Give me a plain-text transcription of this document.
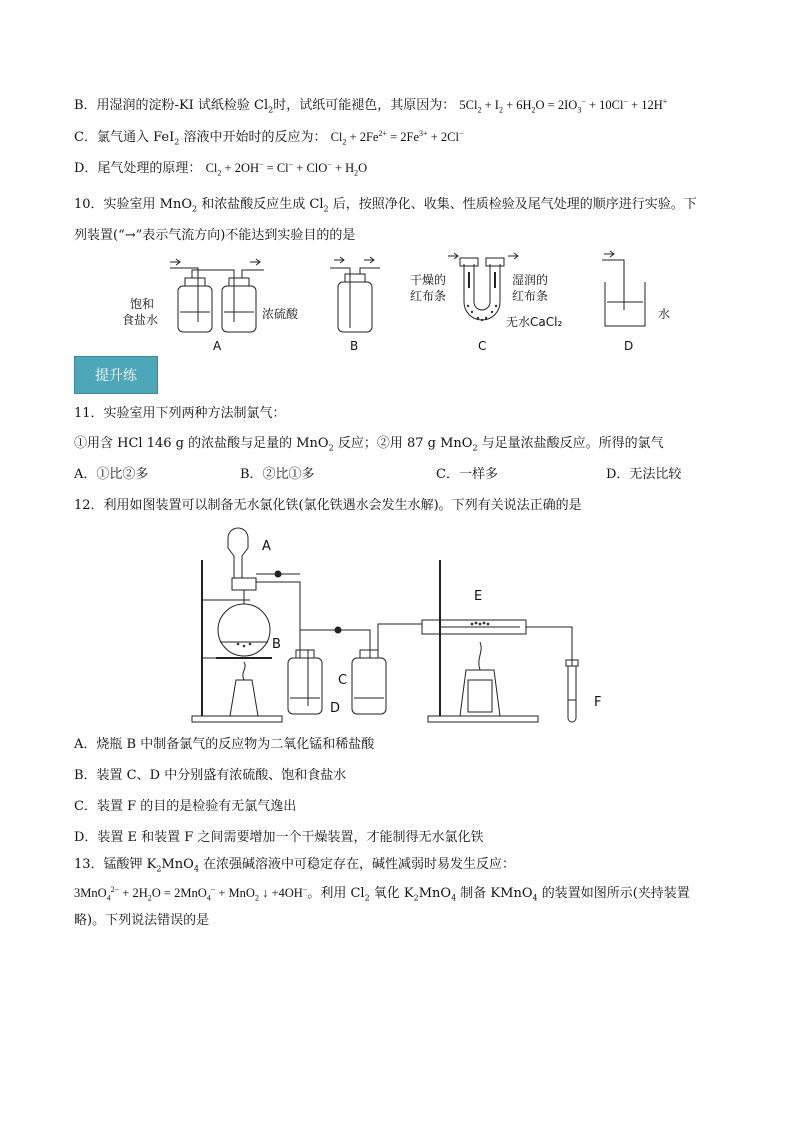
B．用湿润的淀粉-KI 试纸检验 $Cl_2$时，试纸可能褪色，其原因为： $5Cl_2 + I_2 + 6H_2O = 2IO_3^- + 10Cl^- + 12H^+$
C．氯气通入 FeI$_2$ 溶液中开始时的反应为： $Cl_2 + 2Fe^{2+} = 2Fe^{3+} + 2Cl^-$
D．尾气处理的原理： $Cl_2 + 2OH^- = Cl^- + ClO^- + H_2O$
10．实验室用 MnO$_2$ 和浓盐酸反应生成 $Cl_2$ 后，按照净化、收集、性质检验及尾气处理的顺序进行实验。下
列装置(“→”表示气流方向)不能达到实验目的的是
饱和
食盐水	浓硫酸
干燥的
红布条
湿润的
红布条
无水CaCl₂
水
A	B	C	D
提升练
11．实验室用下列两种方法制氯气：
①用含 HCl 146 g 的浓盐酸与足量的 MnO$_2$ 反应；②用 87 g MnO$_2$ 与足量浓盐酸反应。所得的氯气
A．①比②多	B．②比①多	C．一样多	D．无法比较
12．利用如图装置可以制备无水氯化铁(氯化铁遇水会发生水解)。下列有关说法正确的是
A
B
C
D
E
F
A．烧瓶 B 中制备氯气的反应物为二氧化锰和稀盐酸
B．装置 C、D 中分别盛有浓硫酸、饱和食盐水
C．装置 F 的目的是检验有无氯气逸出
D．装置 E 和装置 F 之间需要增加一个干燥装置，才能制得无水氯化铁
13．锰酸钾 $K_2MnO_4$ 在浓强碱溶液中可稳定存在，碱性减弱时易发生反应：
$3MnO_4^{2-} + 2H_2O = 2MnO_4^- + MnO_2$ ↓ +4OH−。利用 $Cl_2$ 氧化 $K_2MnO_4$ 制备 KMnO$_4$ 的装置如图所示(夹持装置
略)。下列说法错误的是
